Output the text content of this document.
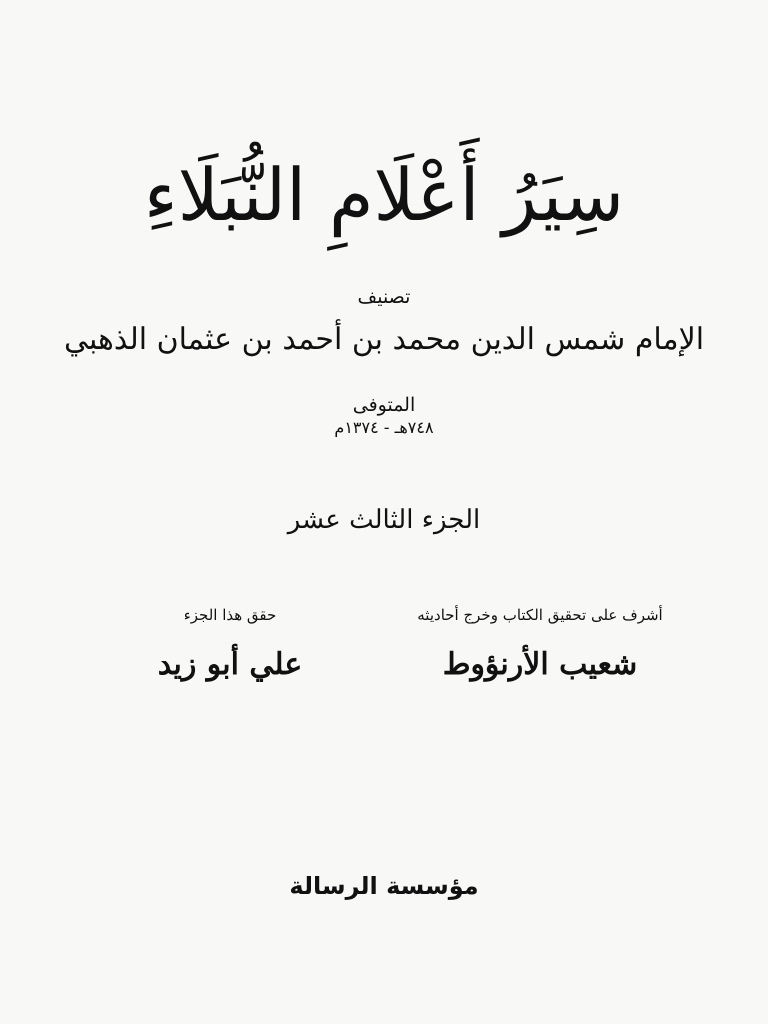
سِيَرُ أَعْلَامِ النُّبَلَاءِ
تصنيف
الإمام شمس الدين محمد بن أحمد بن عثمان الذهبي
المتوفى
٧٤٨هـ - ١٣٧٤م
الجزء الثالث عشر
أشرف على تحقيق الكتاب وخرج أحاديثه
شعيب الأرنؤوط
حقق هذا الجزء
علي أبو زيد
مؤسسة الرسالة
